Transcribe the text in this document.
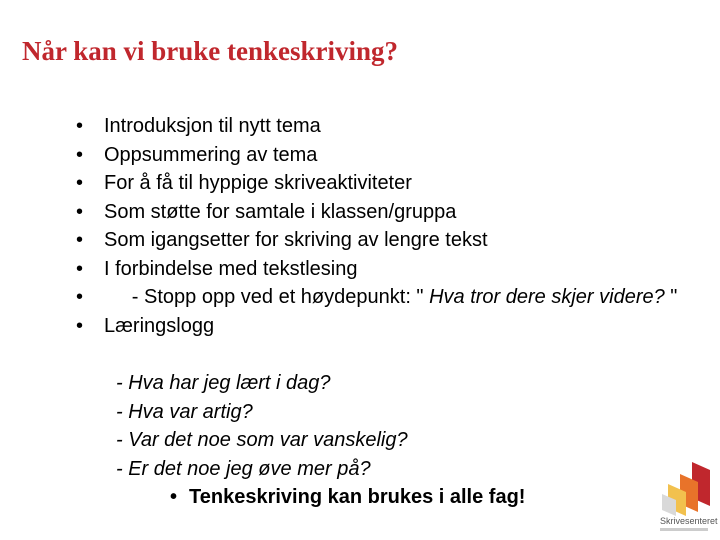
Når kan vi bruke tenkeskriving?
• Introduksjon til nytt tema
• Oppsummering av tema
• For å få til hyppige skriveaktiviteter
• Som støtte for samtale i klassen/gruppa
• Som igangsetter for skriving av lengre tekst
• I forbindelse med tekstlesing
• - Stopp opp ved et høydepunkt: " Hva tror dere skjer videre? "
• Læringslogg
- Hva har jeg lært i dag?
- Hva var artig?
- Var det noe som var vanskelig?
- Er det noe jeg øve mer på?
• Tenkeskriving kan brukes i alle fag!
Skrivesenteret
